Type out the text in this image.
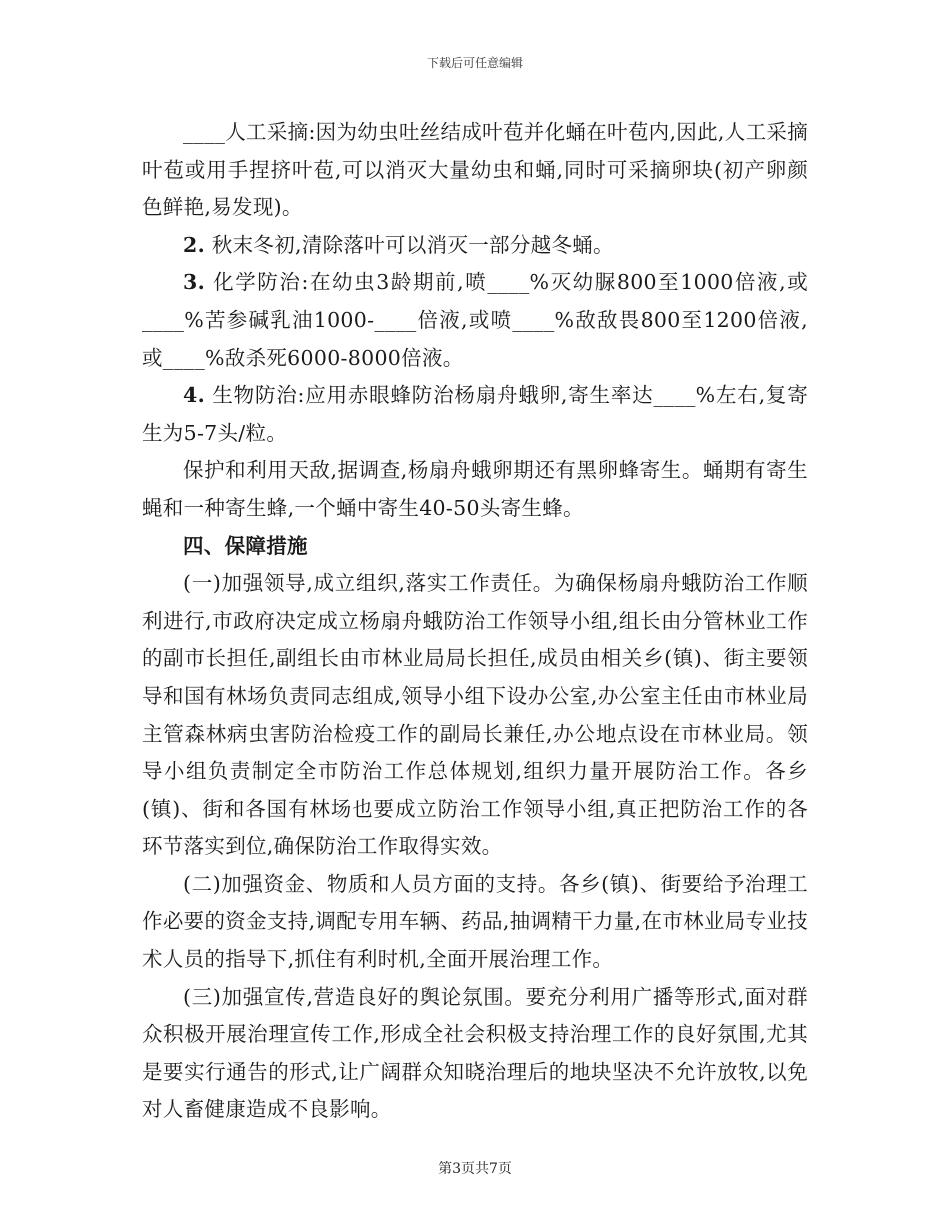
下载后可任意编辑

____人工采摘:因为幼虫吐丝结成叶苞并化蛹在叶苞内,因此,人工采摘叶苞或用手捏挤叶苞,可以消灭大量幼虫和蛹,同时可采摘卵块(初产卵颜色鲜艳,易发现)。

2. 秋末冬初,清除落叶可以消灭一部分越冬蛹。

3. 化学防治:在幼虫3龄期前,喷____%灭幼脲800至1000倍液,或____%苦参碱乳油1000-____倍液,或喷____%敌敌畏800至1200倍液,或____%敌杀死6000-8000倍液。

4. 生物防治:应用赤眼蜂防治杨扇舟蛾卵,寄生率达____%左右,复寄生为5-7头/粒。

保护和利用天敌,据调查,杨扇舟蛾卵期还有黑卵蜂寄生。蛹期有寄生蝇和一种寄生蜂,一个蛹中寄生40-50头寄生蜂。

四、保障措施

(一)加强领导,成立组织,落实工作责任。为确保杨扇舟蛾防治工作顺利进行,市政府决定成立杨扇舟蛾防治工作领导小组,组长由分管林业工作的副市长担任,副组长由市林业局局长担任,成员由相关乡(镇)、街主要领导和国有林场负责同志组成,领导小组下设办公室,办公室主任由市林业局主管森林病虫害防治检疫工作的副局长兼任,办公地点设在市林业局。领导小组负责制定全市防治工作总体规划,组织力量开展防治工作。各乡(镇)、街和各国有林场也要成立防治工作领导小组,真正把防治工作的各环节落实到位,确保防治工作取得实效。

(二)加强资金、物质和人员方面的支持。各乡(镇)、街要给予治理工作必要的资金支持,调配专用车辆、药品,抽调精干力量,在市林业局专业技术人员的指导下,抓住有利时机,全面开展治理工作。

(三)加强宣传,营造良好的舆论氛围。要充分利用广播等形式,面对群众积极开展治理宣传工作,形成全社会积极支持治理工作的良好氛围,尤其是要实行通告的形式,让广阔群众知晓治理后的地块坚决不允许放牧,以免对人畜健康造成不良影响。

第3页共7页
